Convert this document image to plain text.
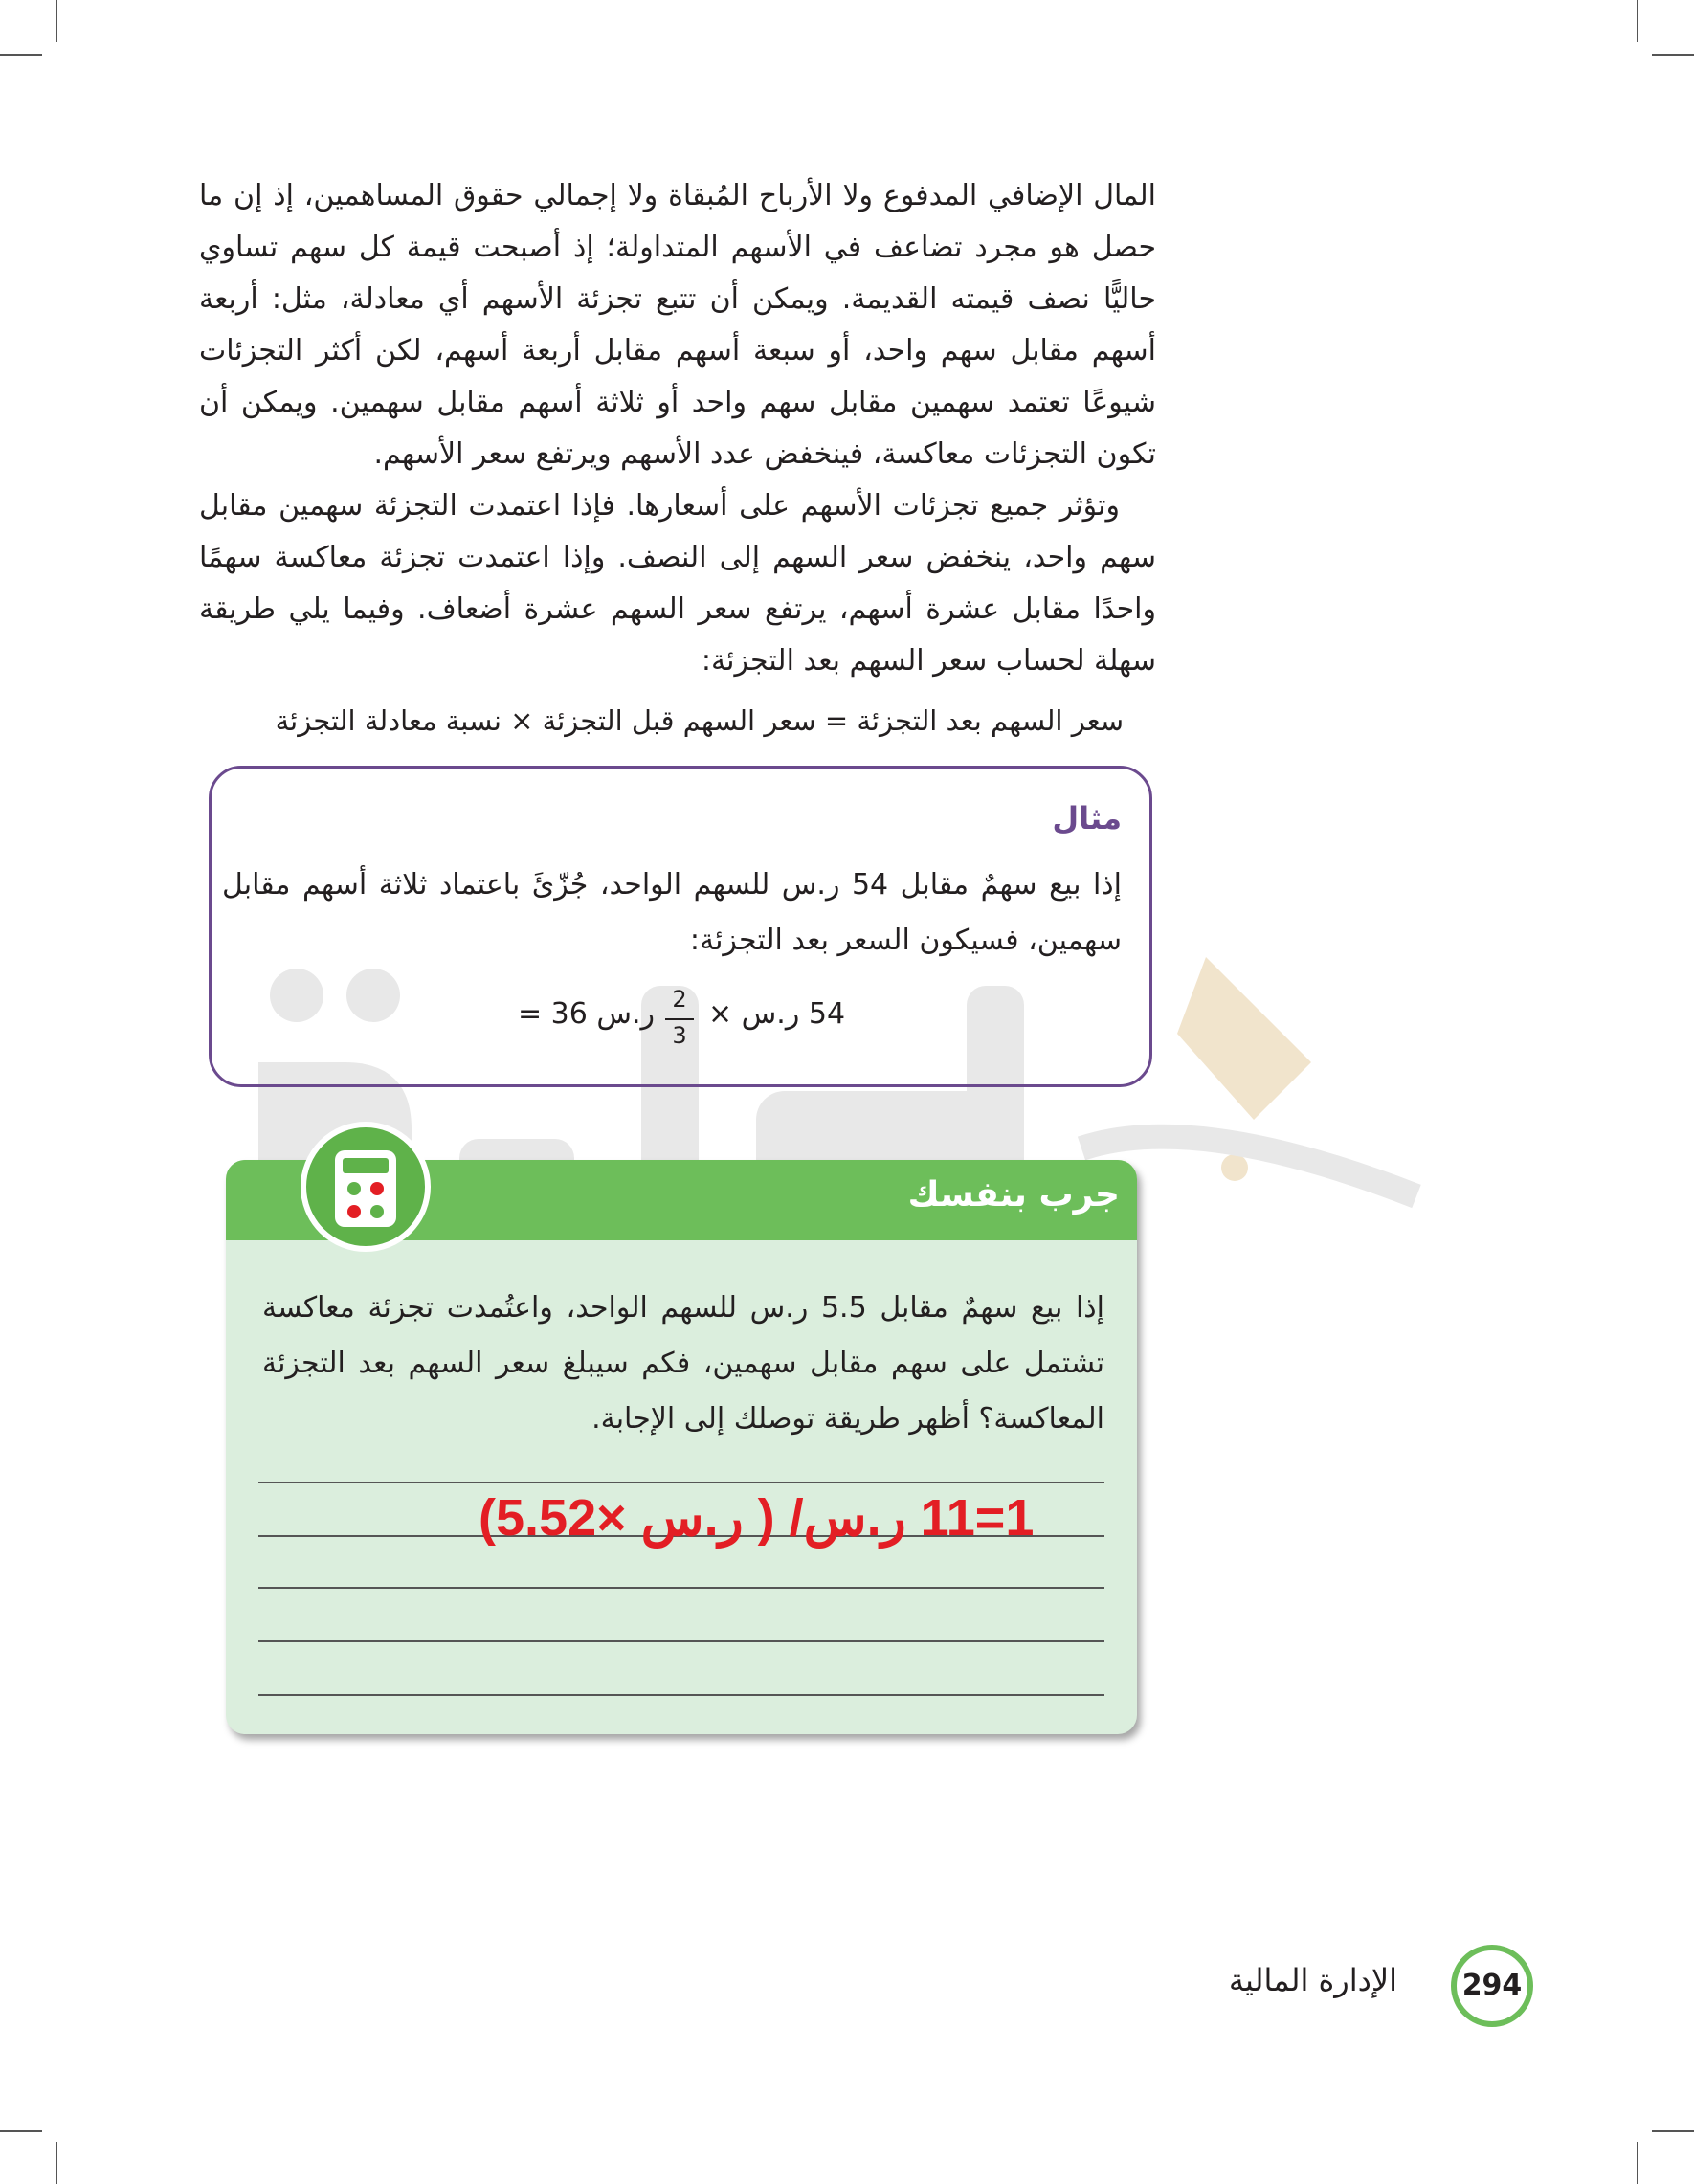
المال الإضافي المدفوع ولا الأرباح المُبقاة ولا إجمالي حقوق المساهمين، إذ إن ما حصل هو مجرد تضاعف في الأسهم المتداولة؛ إذ أصبحت قيمة كل سهم تساوي حاليًّا نصف قيمته القديمة. ويمكن أن تتبع تجزئة الأسهم أي معادلة، مثل: أربعة أسهم مقابل سهم واحد، أو سبعة أسهم مقابل أربعة أسهم، لكن أكثر التجزئات شيوعًا تعتمد سهمين مقابل سهم واحد أو ثلاثة أسهم مقابل سهمين. ويمكن أن تكون التجزئات معاكسة، فينخفض عدد الأسهم ويرتفع سعر الأسهم.

وتؤثر جميع تجزئات الأسهم على أسعارها. فإذا اعتمدت التجزئة سهمين مقابل سهم واحد، ينخفض سعر السهم إلى النصف. وإذا اعتمدت تجزئة معاكسة سهمًا واحدًا مقابل عشرة أسهم، يرتفع سعر السهم عشرة أضعاف. وفيما يلي طريقة سهلة لحساب سعر السهم بعد التجزئة:

سعر السهم بعد التجزئة = سعر السهم قبل التجزئة × نسبة معادلة التجزئة
مثال

إذا بيع سهمٌ مقابل 54 ر.س للسهم الواحد، جُزّئَ باعتماد ثلاثة أسهم مقابل سهمين، فسيكون السعر بعد التجزئة:

= 36 ر.س 2
3
54 ر.س ×
جرب بنفسك

إذا بيع سهمٌ مقابل 5.5 ر.س للسهم الواحد، واعتُمدت تجزئة معاكسة تشتمل على سهم مقابل سهمين، فكم سيبلغ سعر السهم بعد التجزئة المعاكسة؟ أظهر طريقة توصلك إلى الإجابة.

(5.5ر.س ×2 ) /1=11 ر.س
294
الإدارة المالية
